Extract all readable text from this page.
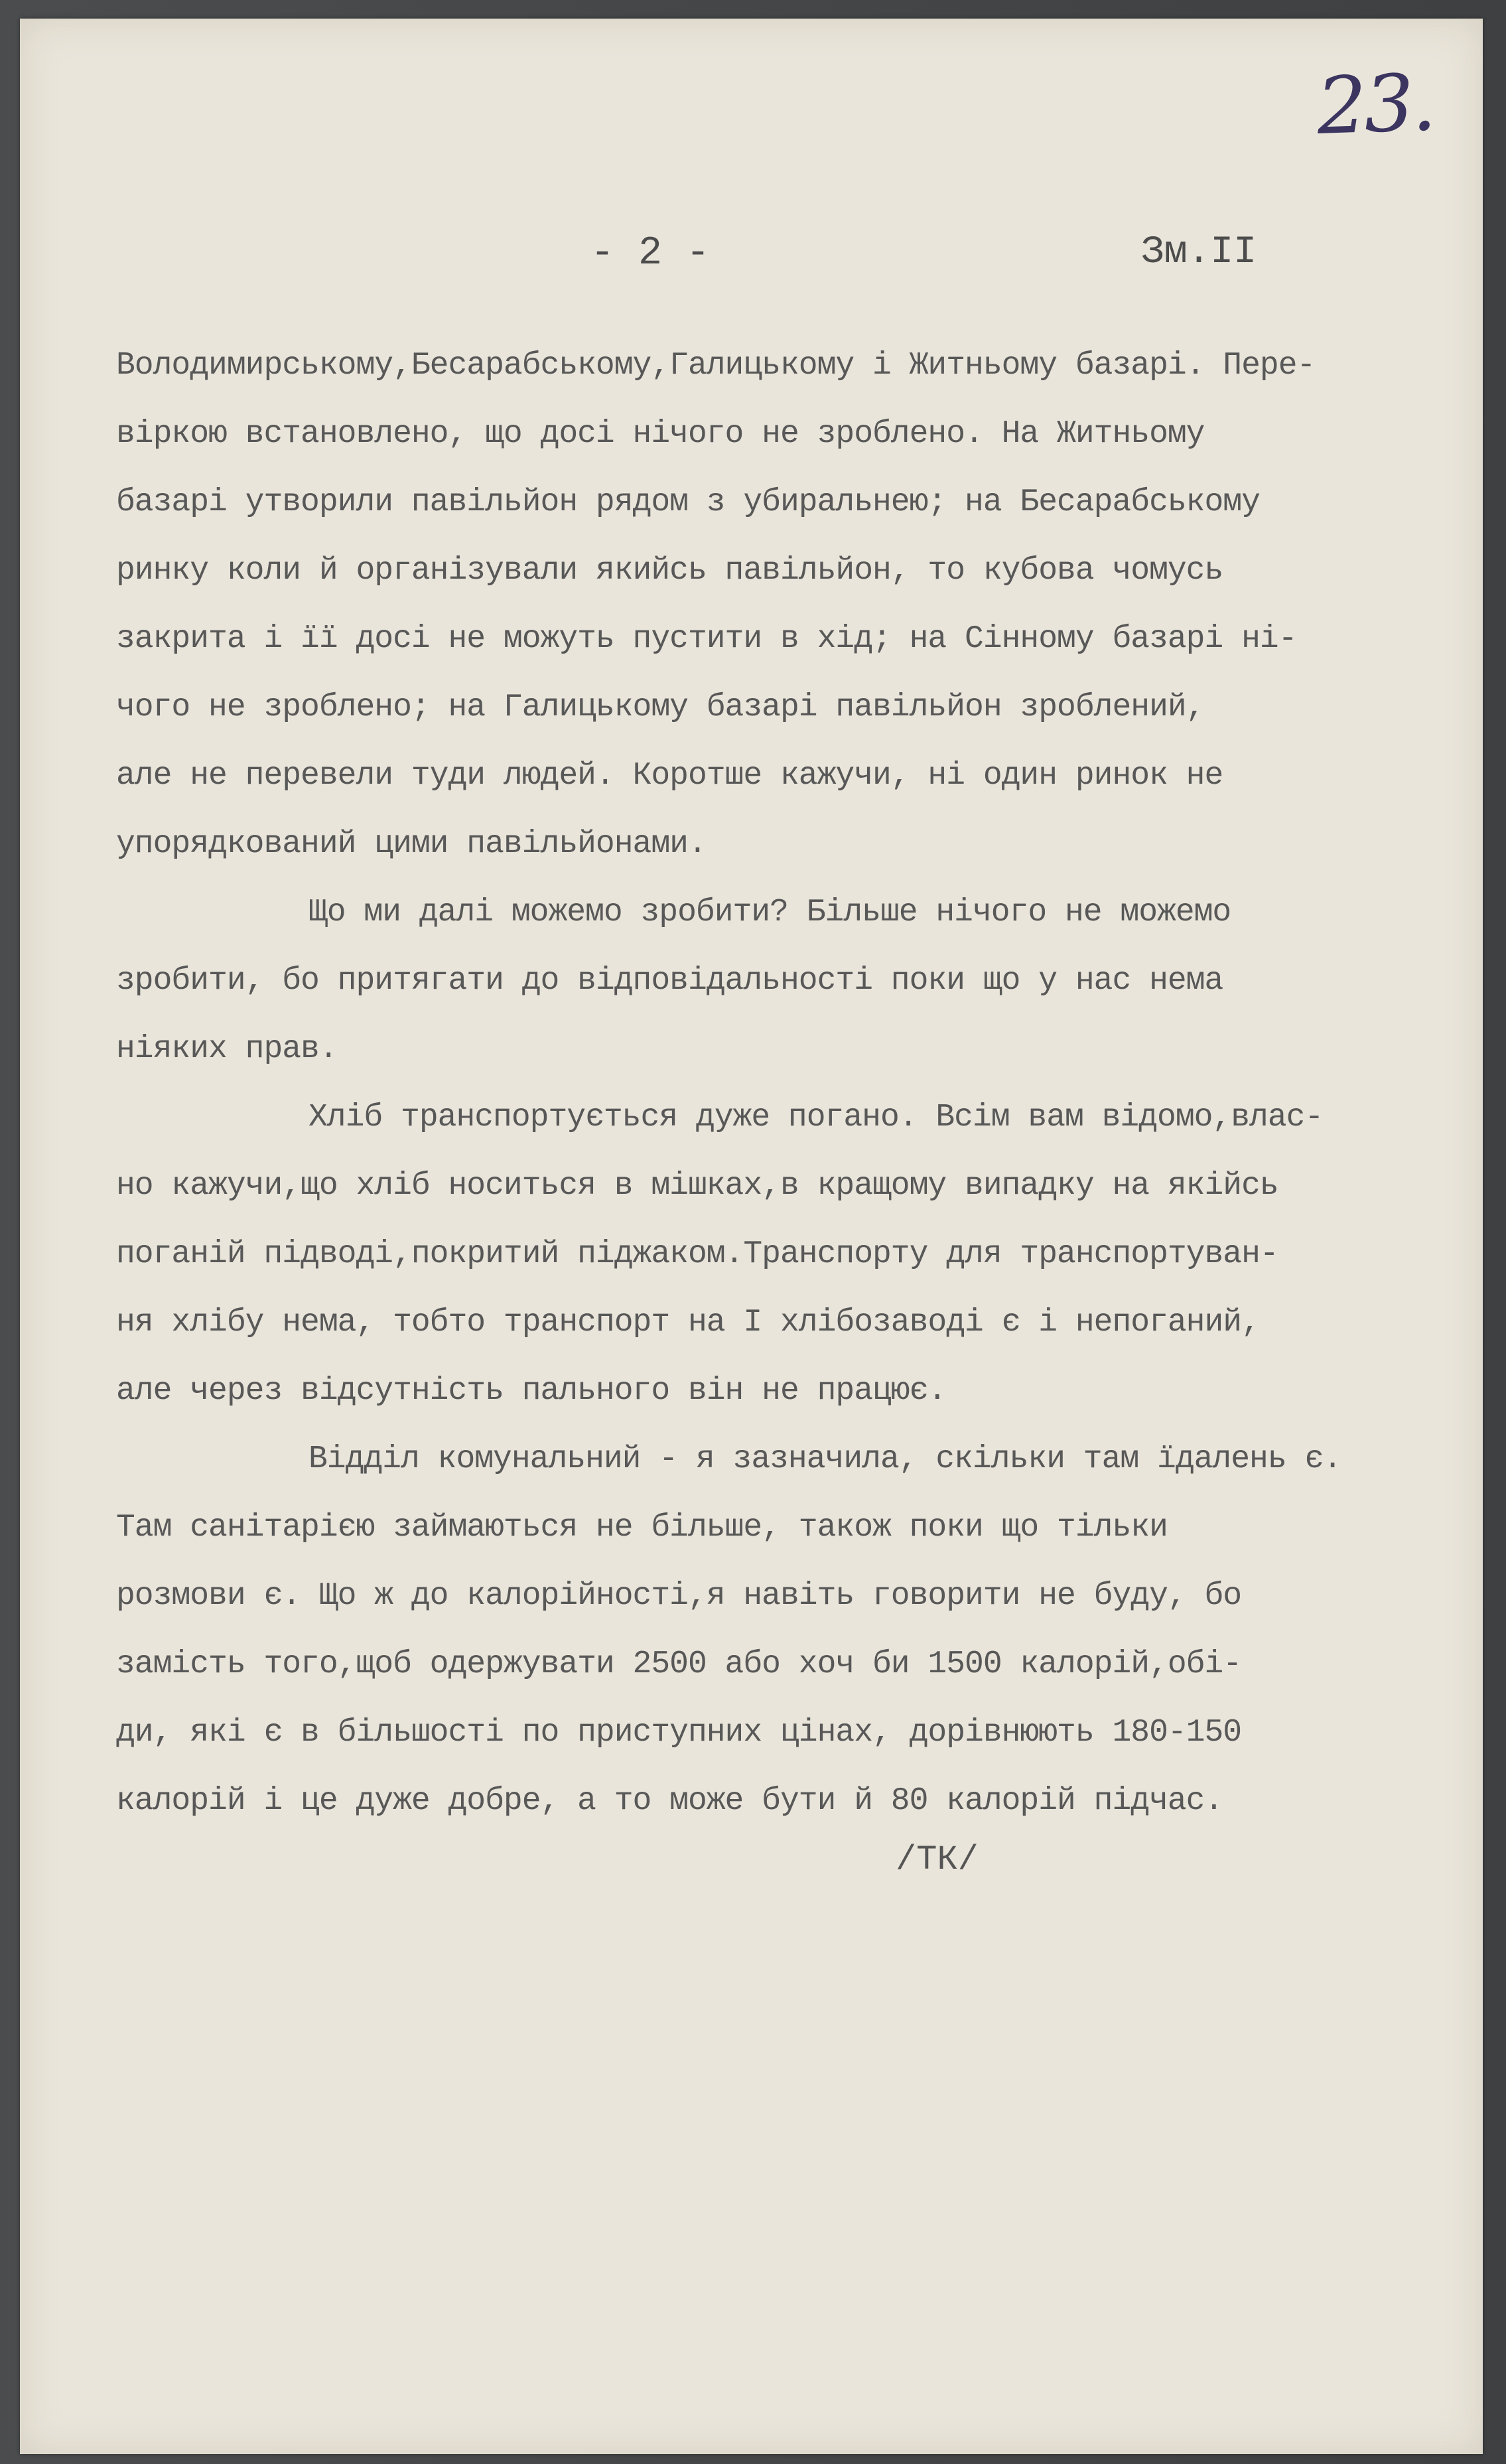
23.
- 2 -	Зм.ІІ
Володимирському,Бесарабському,Галицькому і Житньому базарі. Пере-
віркою встановлено, що досі нічого не зроблено. На Житньому
базарі утворили павільйон рядом з убиральнею; на Бесарабському
ринку коли й організували якийсь павільйон, то кубова чомусь
закрита і її досі не можуть пустити в хід; на Сінному базарі ні-
чого не зроблено; на Галицькому базарі павільйон зроблений,
але не перевели туди людей. Коротше кажучи, ні один ринок не
упорядкований цими павільйонами.
Що ми далі можемо зробити? Більше нічого не можемо
зробити, бо притягати до відповідальності поки що у нас нема
ніяких прав.
Хліб транспортується дуже погано. Всім вам відомо,влас-
но кажучи,що хліб носиться в мішках,в кращому випадку на якійсь
поганій підводі,покритий піджаком.Транспорту для транспортуван-
ня хлібу нема, тобто транспорт на І хлібозаводі є і непоганий,
але через відсутність пального він не працює.
Відділ комунальний - я зазначила, скільки там їдалень є.
Там санітарією займаються не більше, також поки що тільки
розмови є. Що ж до калорійності,я навіть говорити не буду, бо
замість того,щоб одержувати 2500 або хоч би 1500 калорій,обі-
ди, які є в більшості по приступних цінах, дорівнюють 180-150
калорій і це дуже добре, а то може бути й 80 калорій підчас.
/ТК/
